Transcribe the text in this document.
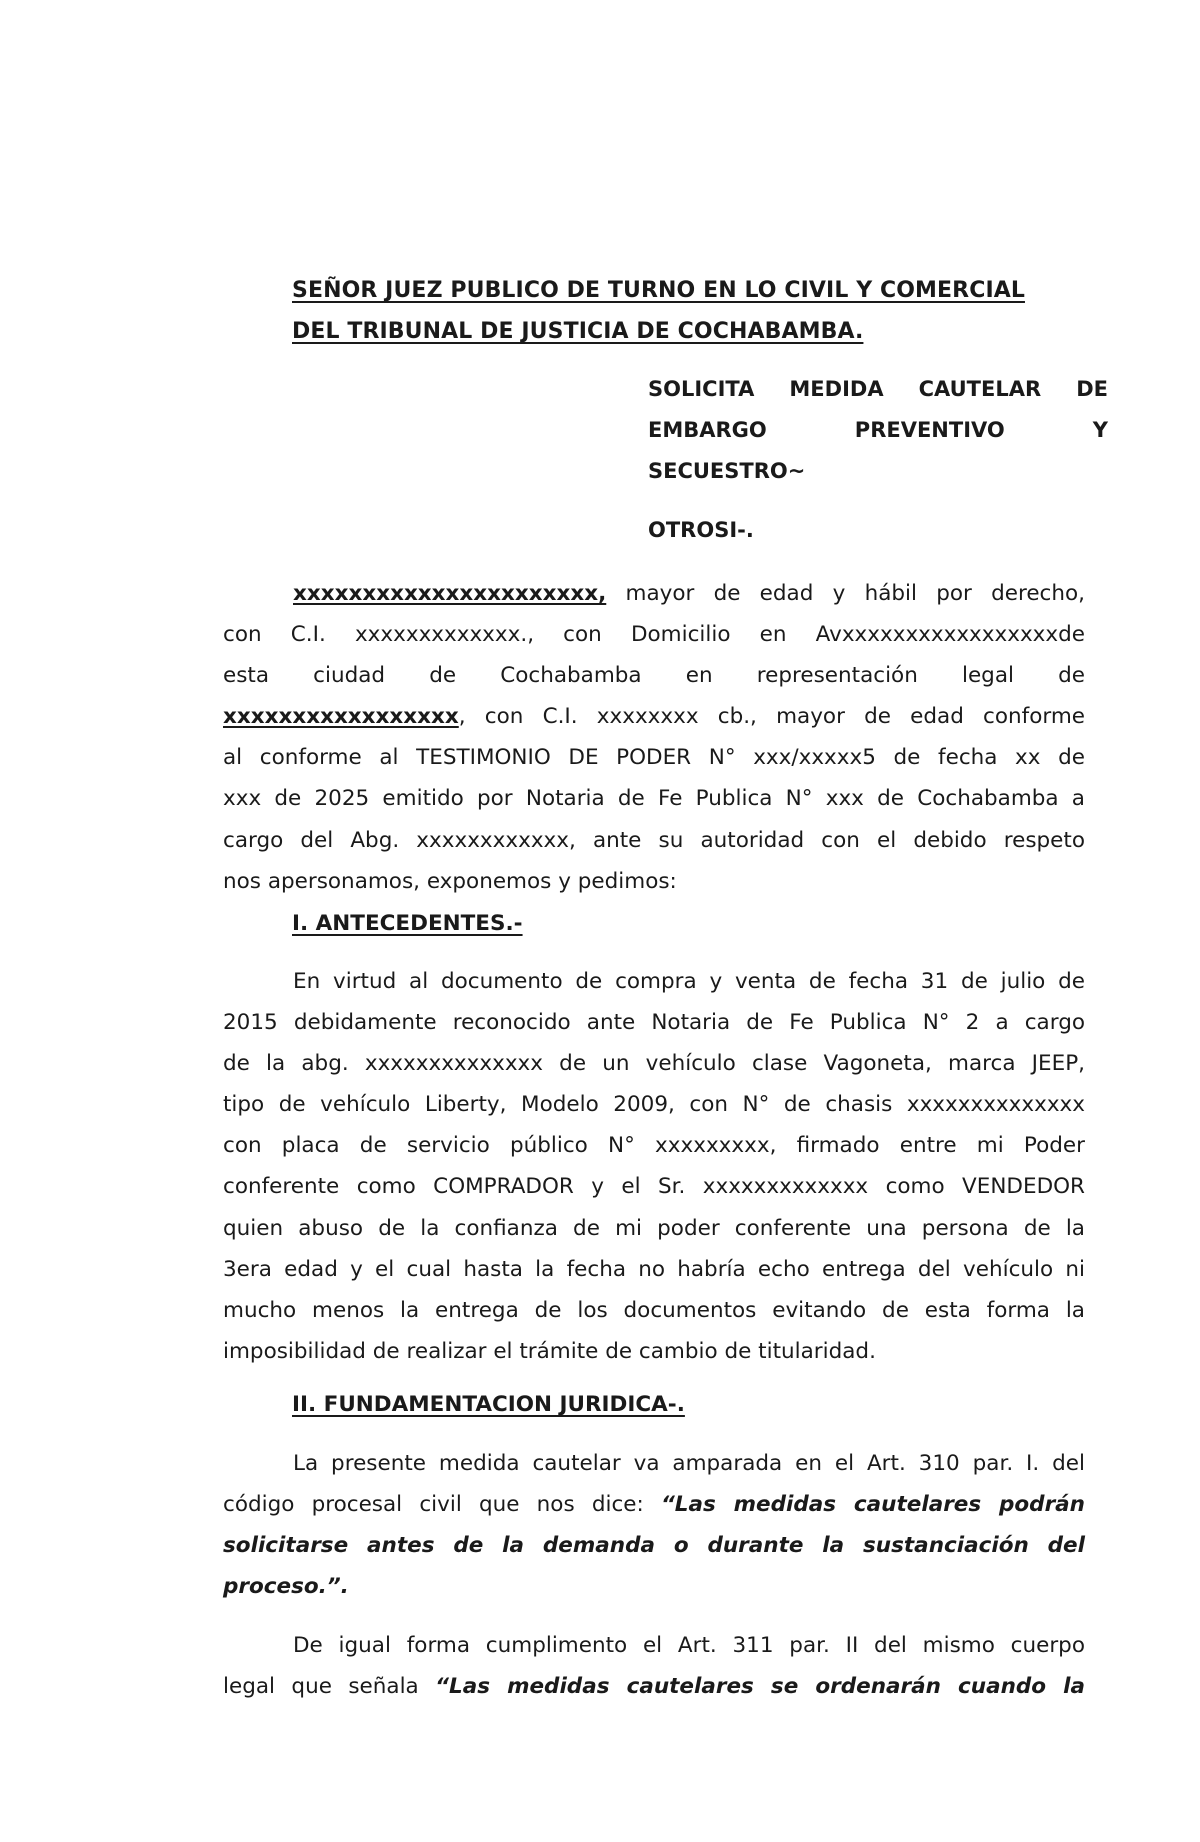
SEÑOR JUEZ PUBLICO DE TURNO EN LO CIVIL Y COMERCIAL
DEL TRIBUNAL DE JUSTICIA DE COCHABAMBA.
SOLICITA MEDIDA CAUTELAR DE
EMBARGO PREVENTIVO Y
SECUESTRO~
OTROSI-.
xxxxxxxxxxxxxxxxxxxxxx, mayor de edad y hábil por derecho,
con C.I. xxxxxxxxxxxxx., con Domicilio en Avxxxxxxxxxxxxxxxxxde
esta ciudad de Cochabamba en representación legal de
xxxxxxxxxxxxxxxxx, con C.I. xxxxxxxx cb., mayor de edad conforme
al conforme al TESTIMONIO DE PODER N° xxx/xxxxx5 de fecha xx de
xxx de 2025 emitido por Notaria de Fe Publica N° xxx de Cochabamba a
cargo del Abg. xxxxxxxxxxxx, ante su autoridad con el debido respeto
nos apersonamos, exponemos y pedimos:
I. ANTECEDENTES.-
En virtud al documento de compra y venta de fecha 31 de julio de
2015 debidamente reconocido ante Notaria de Fe Publica N° 2 a cargo
de la abg. xxxxxxxxxxxxxx de un vehículo clase Vagoneta, marca JEEP,
tipo de vehículo Liberty, Modelo 2009, con N° de chasis xxxxxxxxxxxxxx
con placa de servicio público N° xxxxxxxxx, firmado entre mi Poder
conferente como COMPRADOR y el Sr. xxxxxxxxxxxxx como VENDEDOR
quien abuso de la confianza de mi poder conferente una persona de la
3era edad y el cual hasta la fecha no habría echo entrega del vehículo ni
mucho menos la entrega de los documentos evitando de esta forma la
imposibilidad de realizar el trámite de cambio de titularidad.
II. FUNDAMENTACION JURIDICA-.
La presente medida cautelar va amparada en el Art. 310 par. I. del
código procesal civil que nos dice: “Las medidas cautelares podrán
solicitarse antes de la demanda o durante la sustanciación del
proceso.”.
De igual forma cumplimento el Art. 311 par. II del mismo cuerpo
legal que señala “Las medidas cautelares se ordenarán cuando la
